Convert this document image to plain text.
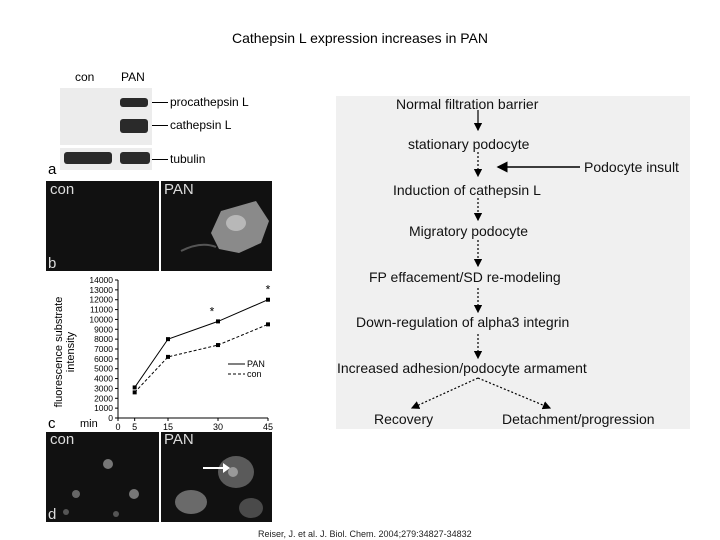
Cathepsin L expression increases in PAN
con PAN
procathepsin L
cathepsin L
tubulin
a
con	PAN
b
fluorescence substrate intensity
0
1000
2000
3000
4000
5000
6000
7000
8000
9000
10000
11000
12000
13000
14000
0 5	15	30	45
PAN
con
*
*
c min
con	PAN
d
Normal filtration barrier
stationary podocyte
Induction of cathepsin L
Migratory podocyte
FP effacement/SD re-modeling
Down-regulation of alpha3 integrin
Increased adhesion/podocyte armament
Podocyte insult
Recovery	Detachment/progression
Reiser, J. et al. J. Biol. Chem. 2004;279:34827-34832
